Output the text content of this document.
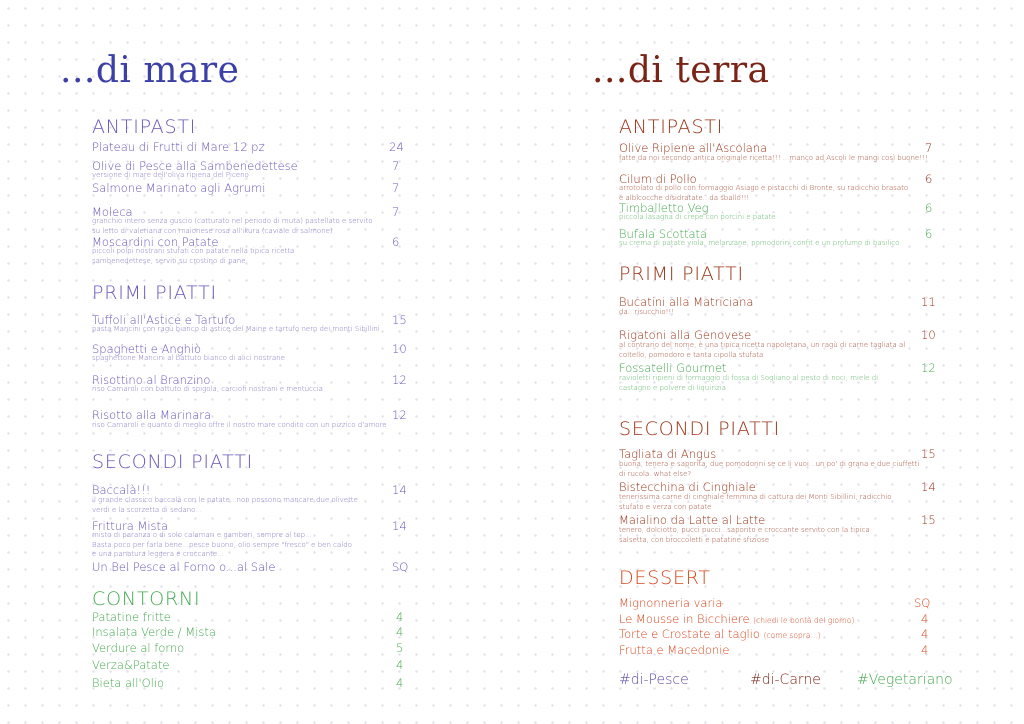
...di mare
ANTIPASTI
Plateau di Frutti di Mare 12 pz	24
Olive di Pesce alla Sambenedettese	7
versione di mare dell'oliva ripiena del Piceno
Salmone Marinato agli Agrumi	7
Moleca	7
granchio intero senza guscio (catturato nel periodo di muta) pastellato e servito su letto di valeriana con maionese rosa all'ikura (caviale di salmone)
Moscardini con Patate	6
piccoli polpi nostrani stufati con patate nella tipica ricetta sambenedettese, serviti su crostino di pane
PRIMI PIATTI
Tuffoli all'Astice e Tartufo	15
pasta Mancini con ragù bianco di astice del Maine e tartufo nero dei monti Sibillini
Spaghetti e Anghiò	10
spaghettone Mancini al battuto bianco di alici nostrane
Risottino al Branzino	12
riso Carnaroli con battuto di spigola, carciofi nostrani e mentuccia
Risotto alla Marinara	12
riso Carnaroli e quanto di meglio offre il nostro mare condito con un pizzico d'amore
SECONDI PIATTI
Baccalà!!!	14
il grande classico baccalà con le patate...non possono mancare due olivette verdi e la scorzetta di sedano...
Frittura Mista	14
misto di paranza o di solo calamari e gamberi, sempre al top...
Basta poco per farla bene...pesce buono, olio sempre "fresco" e ben caldo
e una panatura leggera e croccante...
Un Bel Pesce al Forno o...al Sale	SQ
CONTORNI
Patatine fritte	4
Insalata Verde / Mista	4
Verdure al forno	5
Verza&Patate	4
Bieta all'Olio	4
...di terra
ANTIPASTI
Olive Ripiene all'Ascolana	7
fatte da noi secondo antica originale ricetta!!! ...manco ad Ascoli le mangi così buone!!!
Cilum di Pollo	6
arrotolato di pollo con formaggio Asiago e pistacchi di Bronte, su radicchio brasato e albicocche disidratate...da sballo!!!
Timballetto Veg	6
piccola lasagna di crepe con porcini e patate
Bufala Scottata	6
su crema di patate viola, melanzane, pomodorini confit e un profumo di basilico.
PRIMI PIATTI
Bucatini alla Matriciana	11
da...risucchio!!!
Rigatoni alla Genovese	10
al contrario del nome, è una tipica ricetta napoletana, un ragù di carne tagliata al coltello, pomodoro e tanta cipolla stufata
Fossatelli Gourmet	12
ravioletti ripieni di formaggio di fossa di Sogliano al pesto di noci, miele di castagno e polvere di liquirizia
SECONDI PIATTI
Tagliata di Angus	15
buona, tenera e saporita, due pomodorini se ce li vuoi...un po' di grana e due ciuffetti di rucola. what else?
Bistecchina di Cinghiale	14
tenerissima carne di cinghiale femmina di cattura dei Monti Sibillini, radicchio stufato e verza con patate
Maialino da Latte al Latte	15
tenero, dolciotto, pucci pucci...saporito e croccante servito con la tipica salsetta, con broccoletti e patatine sfiziose
DESSERT
Mignonneria varia	SQ
Le Mousse in Bicchiere (chiedi le bontà del giorno)	4
Torte e Crostate al taglio (come sopra...)	4
Frutta e Macedonie	4
#di-Pesce	#di-Carne	#Vegetariano
